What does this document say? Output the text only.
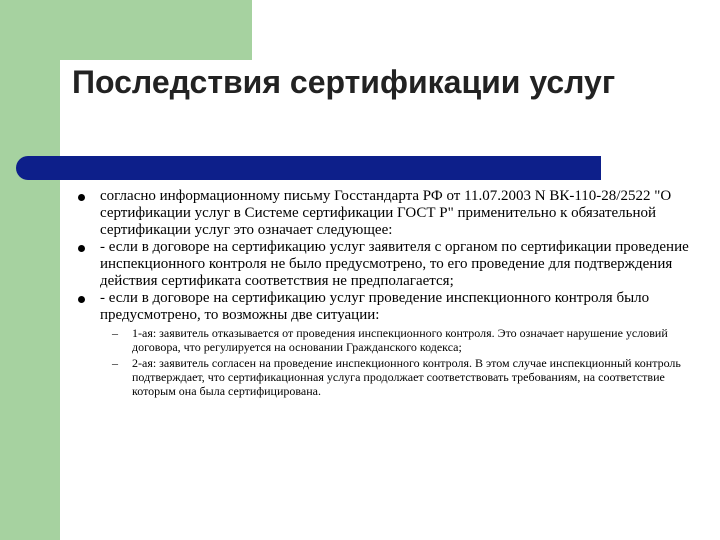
Последствия сертификации услуг
согласно информационному письму Госстандарта РФ от 11.07.2003 N ВК-110-28/2522 "О сертификации услуг в Системе сертификации ГОСТ Р" применительно к обязательной сертификации услуг это означает следующее:
- если в договоре на сертификацию услуг заявителя с органом по сертификации проведение инспекционного контроля не было предусмотрено, то его проведение для подтверждения действия сертификата соответствия не предполагается;
- если в договоре на сертификацию услуг проведение инспекционного контроля было предусмотрено, то возможны две ситуации:
– 1-ая: заявитель отказывается от проведения инспекционного контроля. Это означает нарушение условий договора, что регулируется на основании Гражданского кодекса;
– 2-ая: заявитель согласен на проведение инспекционного контроля. В этом случае инспекционный контроль подтверждает, что сертификационная услуга продолжает соответствовать требованиям, на соответствие которым она была сертифицирована.
